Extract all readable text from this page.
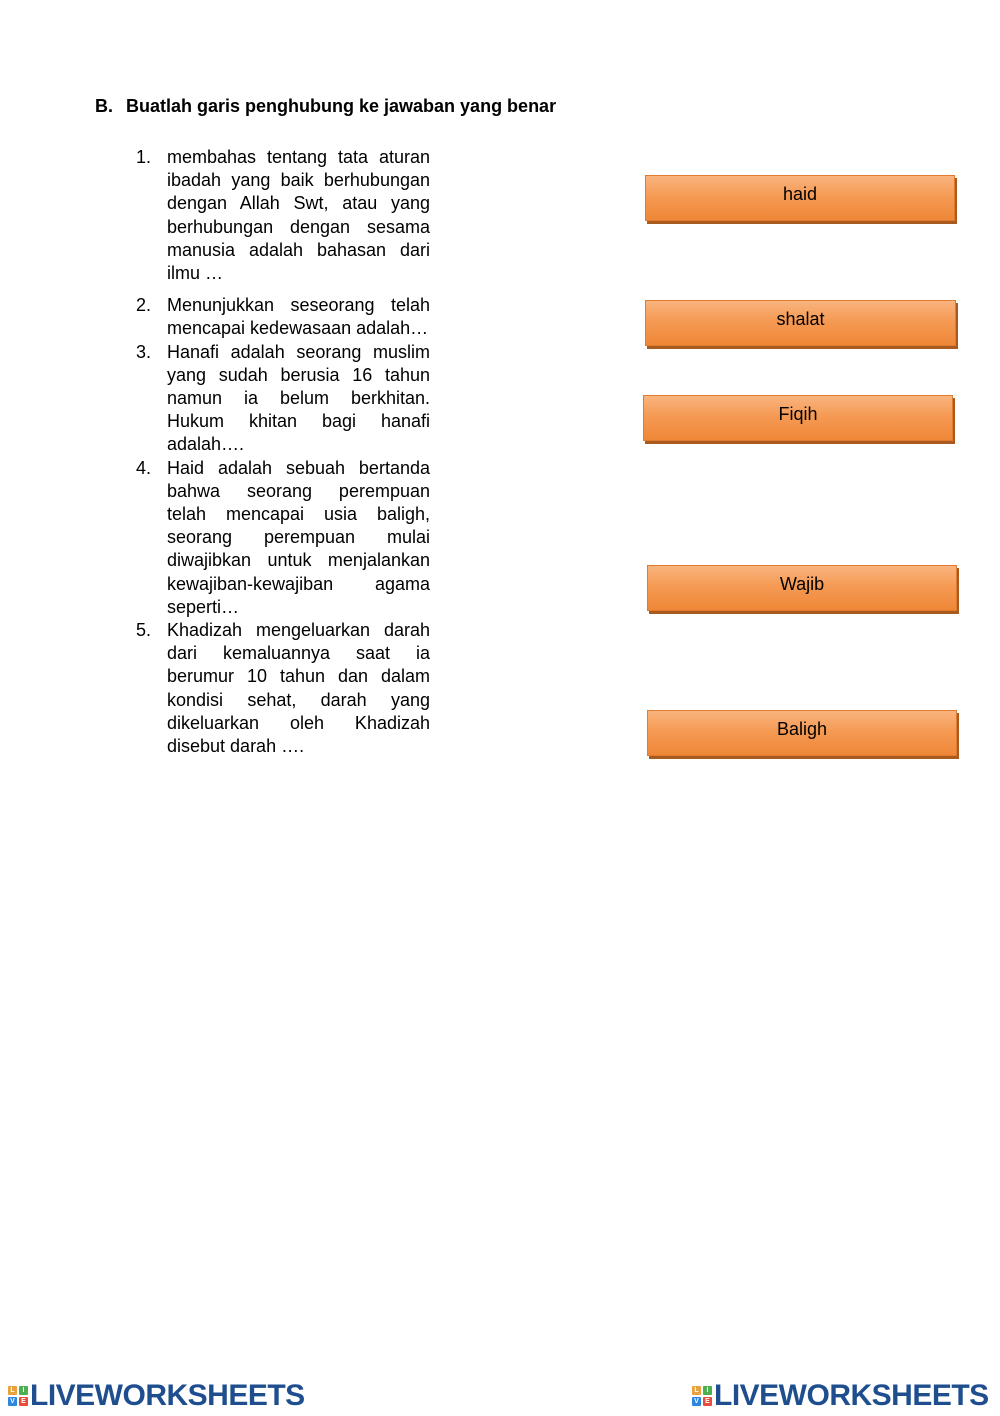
B. Buatlah garis penghubung ke jawaban yang benar
1. membahas tentang tata aturan ibadah yang baik berhubungan dengan Allah Swt, atau yang berhubungan dengan sesama manusia adalah bahasan dari ilmu …
2. Menunjukkan seseorang telah mencapai kedewasaan adalah…
3. Hanafi adalah seorang muslim yang sudah berusia 16 tahun namun ia belum berkhitan. Hukum khitan bagi hanafi adalah….
4. Haid adalah sebuah bertanda bahwa seorang perempuan telah mencapai usia baligh, seorang perempuan mulai diwajibkan untuk menjalankan kewajiban-kewajiban agama seperti…
5. Khadizah mengeluarkan darah dari kemaluannya saat ia berumur 10 tahun dan dalam kondisi sehat, darah yang dikeluarkan oleh Khadizah disebut darah ….
haid
shalat
Fiqih
Wajib
Baligh
L	I
V E LIVEWORKSHEETS	L	I
V E LIVEWORKSHEETS
